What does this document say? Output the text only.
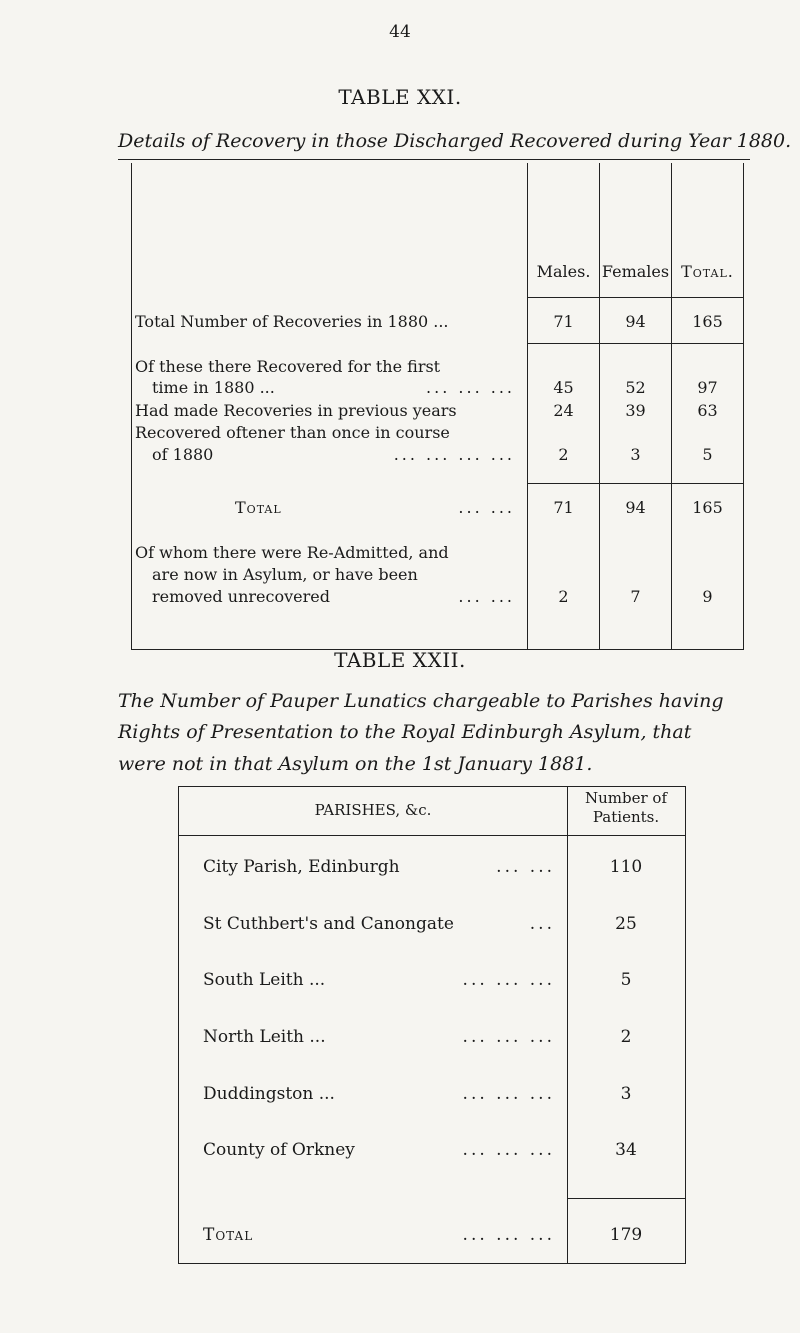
44
TABLE XXI.
Details of Recovery in those Discharged Recovered during Year 1880.
Males. Females Total.
Total Number of Recoveries in 1880 ...	71	94	165
Of these there Recovered for the first
time in 1880 ...	... ... ...	45	52	97
Had made Recoveries in previous years	24	39	63
Recovered oftener than once in course
of 1880	... ... ... ...	2	3	5
Total	... ...	71	94	165
Of whom there were Re-Admitted, and
are now in Asylum, or have been
removed unrecovered	... ...	2	7	9
TABLE XXII.
The Number of Pauper Lunatics chargeable to Parishes having
Rights of Presentation to the Royal Edinburgh Asylum, that
were not in that Asylum on the 1st January 1881.
PARISHES, &c.
Number of
Patients.
City Parish, Edinburgh	... ...	110
St Cuthbert's and Canongate	...	25
South Leith ...	... ... ...	5
North Leith ...	... ... ...	2
Duddingston ...	... ... ...	3
County of Orkney	... ... ...	34
Total	... ... ...	179
